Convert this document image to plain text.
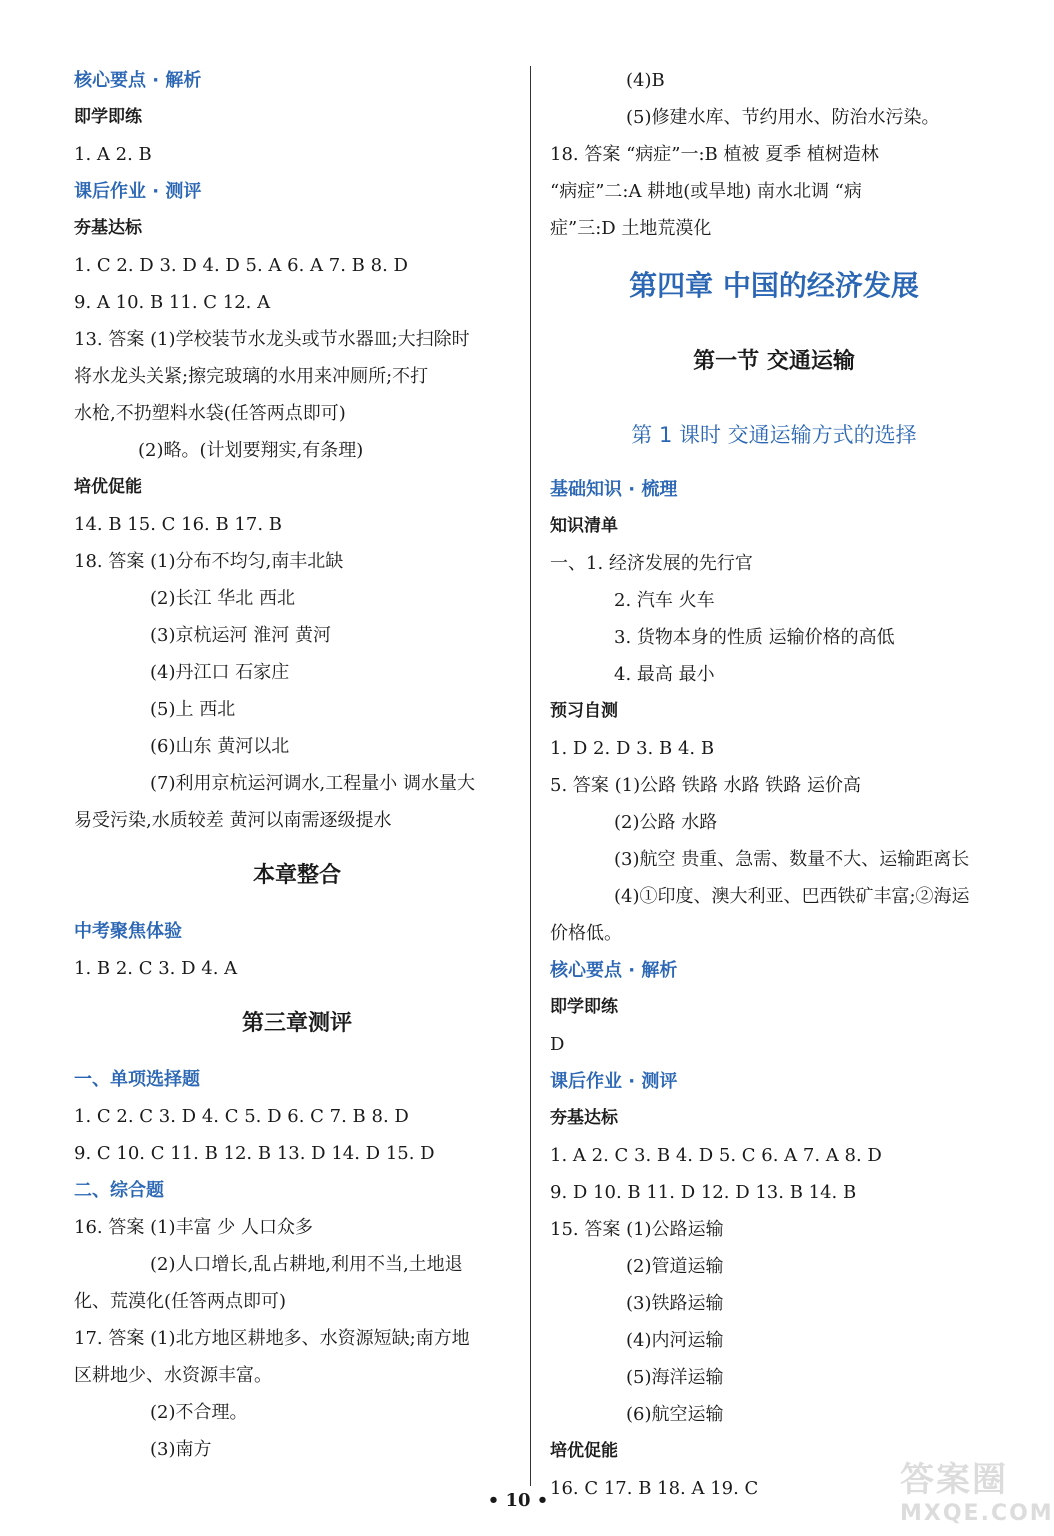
核心要点 · 解析
即学即练
1. A 2. B
课后作业 · 测评
夯基达标
1. C 2. D 3. D 4. D 5. A 6. A 7. B 8. D
9. A 10. B 11. C 12. A
13. 答案 (1)学校装节水龙头或节水器皿;大扫除时
将水龙头关紧;擦完玻璃的水用来冲厕所;不打
水枪,不扔塑料水袋(任答两点即可)
(2)略。(计划要翔实,有条理)
培优促能
14. B 15. C 16. B 17. B
18. 答案 (1)分布不均匀,南丰北缺
(2)长江 华北 西北
(3)京杭运河 淮河 黄河
(4)丹江口 石家庄
(5)上 西北
(6)山东 黄河以北
(7)利用京杭运河调水,工程量小 调水量大
易受污染,水质较差 黄河以南需逐级提水
本章整合
中考聚焦体验
1. B 2. C 3. D 4. A
第三章测评
一、单项选择题
1. C 2. C 3. D 4. C 5. D 6. C 7. B 8. D
9. C 10. C 11. B 12. B 13. D 14. D 15. D
二、综合题
16. 答案 (1)丰富 少 人口众多
(2)人口增长,乱占耕地,利用不当,土地退
化、荒漠化(任答两点即可)
17. 答案 (1)北方地区耕地多、水资源短缺;南方地
区耕地少、水资源丰富。
(2)不合理。
(3)南方
(4)B
(5)修建水库、节约用水、防治水污染。
18. 答案 “病症”一:B 植被 夏季 植树造林
“病症”二:A 耕地(或旱地) 南水北调 “病
症”三:D 土地荒漠化
第四章 中国的经济发展
第一节 交通运输
第 1 课时 交通运输方式的选择
基础知识 · 梳理
知识清单
一、1. 经济发展的先行官
2. 汽车 火车
3. 货物本身的性质 运输价格的高低
4. 最高 最小
预习自测
1. D 2. D 3. B 4. B
5. 答案 (1)公路 铁路 水路 铁路 运价高
(2)公路 水路
(3)航空 贵重、急需、数量不大、运输距离长
(4)①印度、澳大利亚、巴西铁矿丰富;②海运
价格低。
核心要点 · 解析
即学即练
D
课后作业 · 测评
夯基达标
1. A 2. C 3. B 4. D 5. C 6. A 7. A 8. D
9. D 10. B 11. D 12. D 13. B 14. B
15. 答案 (1)公路运输
(2)管道运输
(3)铁路运输
(4)内河运输
(5)海洋运输
(6)航空运输
培优促能
16. C 17. B 18. A 19. C
• 10 •
答案圈
MXQE.COM
